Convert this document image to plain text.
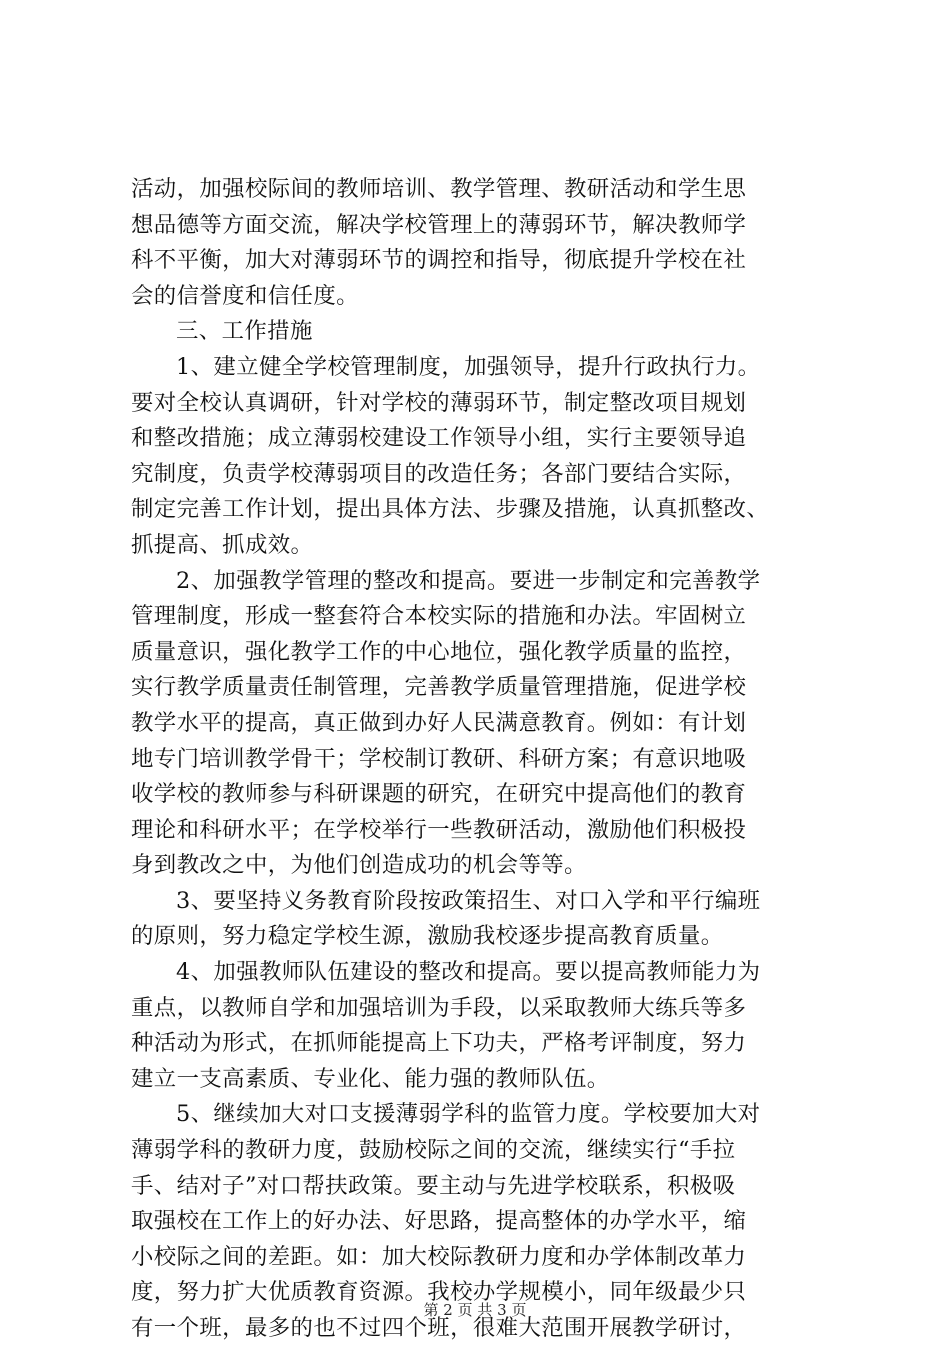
活动，加强校际间的教师培训、教学管理、教研活动和学生思
想品德等方面交流，解决学校管理上的薄弱环节，解决教师学
科不平衡，加大对薄弱环节的调控和指导，彻底提升学校在社
会的信誉度和信任度。
三、工作措施
1、建立健全学校管理制度，加强领导，提升行政执行力。
要对全校认真调研，针对学校的薄弱环节，制定整改项目规划
和整改措施；成立薄弱校建设工作领导小组，实行主要领导追
究制度，负责学校薄弱项目的改造任务；各部门要结合实际，
制定完善工作计划，提出具体方法、步骤及措施，认真抓整改、
抓提高、抓成效。
2、加强教学管理的整改和提高。要进一步制定和完善教学
管理制度，形成一整套符合本校实际的措施和办法。牢固树立
质量意识，强化教学工作的中心地位，强化教学质量的监控，
实行教学质量责任制管理，完善教学质量管理措施，促进学校
教学水平的提高，真正做到办好人民满意教育。例如：有计划
地专门培训教学骨干；学校制订教研、科研方案；有意识地吸
收学校的教师参与科研课题的研究，在研究中提高他们的教育
理论和科研水平；在学校举行一些教研活动，激励他们积极投
身到教改之中，为他们创造成功的机会等等。
3、要坚持义务教育阶段按政策招生、对口入学和平行编班
的原则，努力稳定学校生源，激励我校逐步提高教育质量。
4、加强教师队伍建设的整改和提高。要以提高教师能力为
重点，以教师自学和加强培训为手段，以采取教师大练兵等多
种活动为形式，在抓师能提高上下功夫，严格考评制度，努力
建立一支高素质、专业化、能力强的教师队伍。
5、继续加大对口支援薄弱学科的监管力度。学校要加大对
薄弱学科的教研力度，鼓励校际之间的交流，继续实行“手拉
手、结对子”对口帮扶政策。要主动与先进学校联系，积极吸
取强校在工作上的好办法、好思路，提高整体的办学水平，缩
小校际之间的差距。如：加大校际教研力度和办学体制改革力
度，努力扩大优质教育资源。我校办学规模小，同年级最少只
有一个班，最多的也不过四个班，很难大范围开展教学研讨，
第 2 页 共 3 页
